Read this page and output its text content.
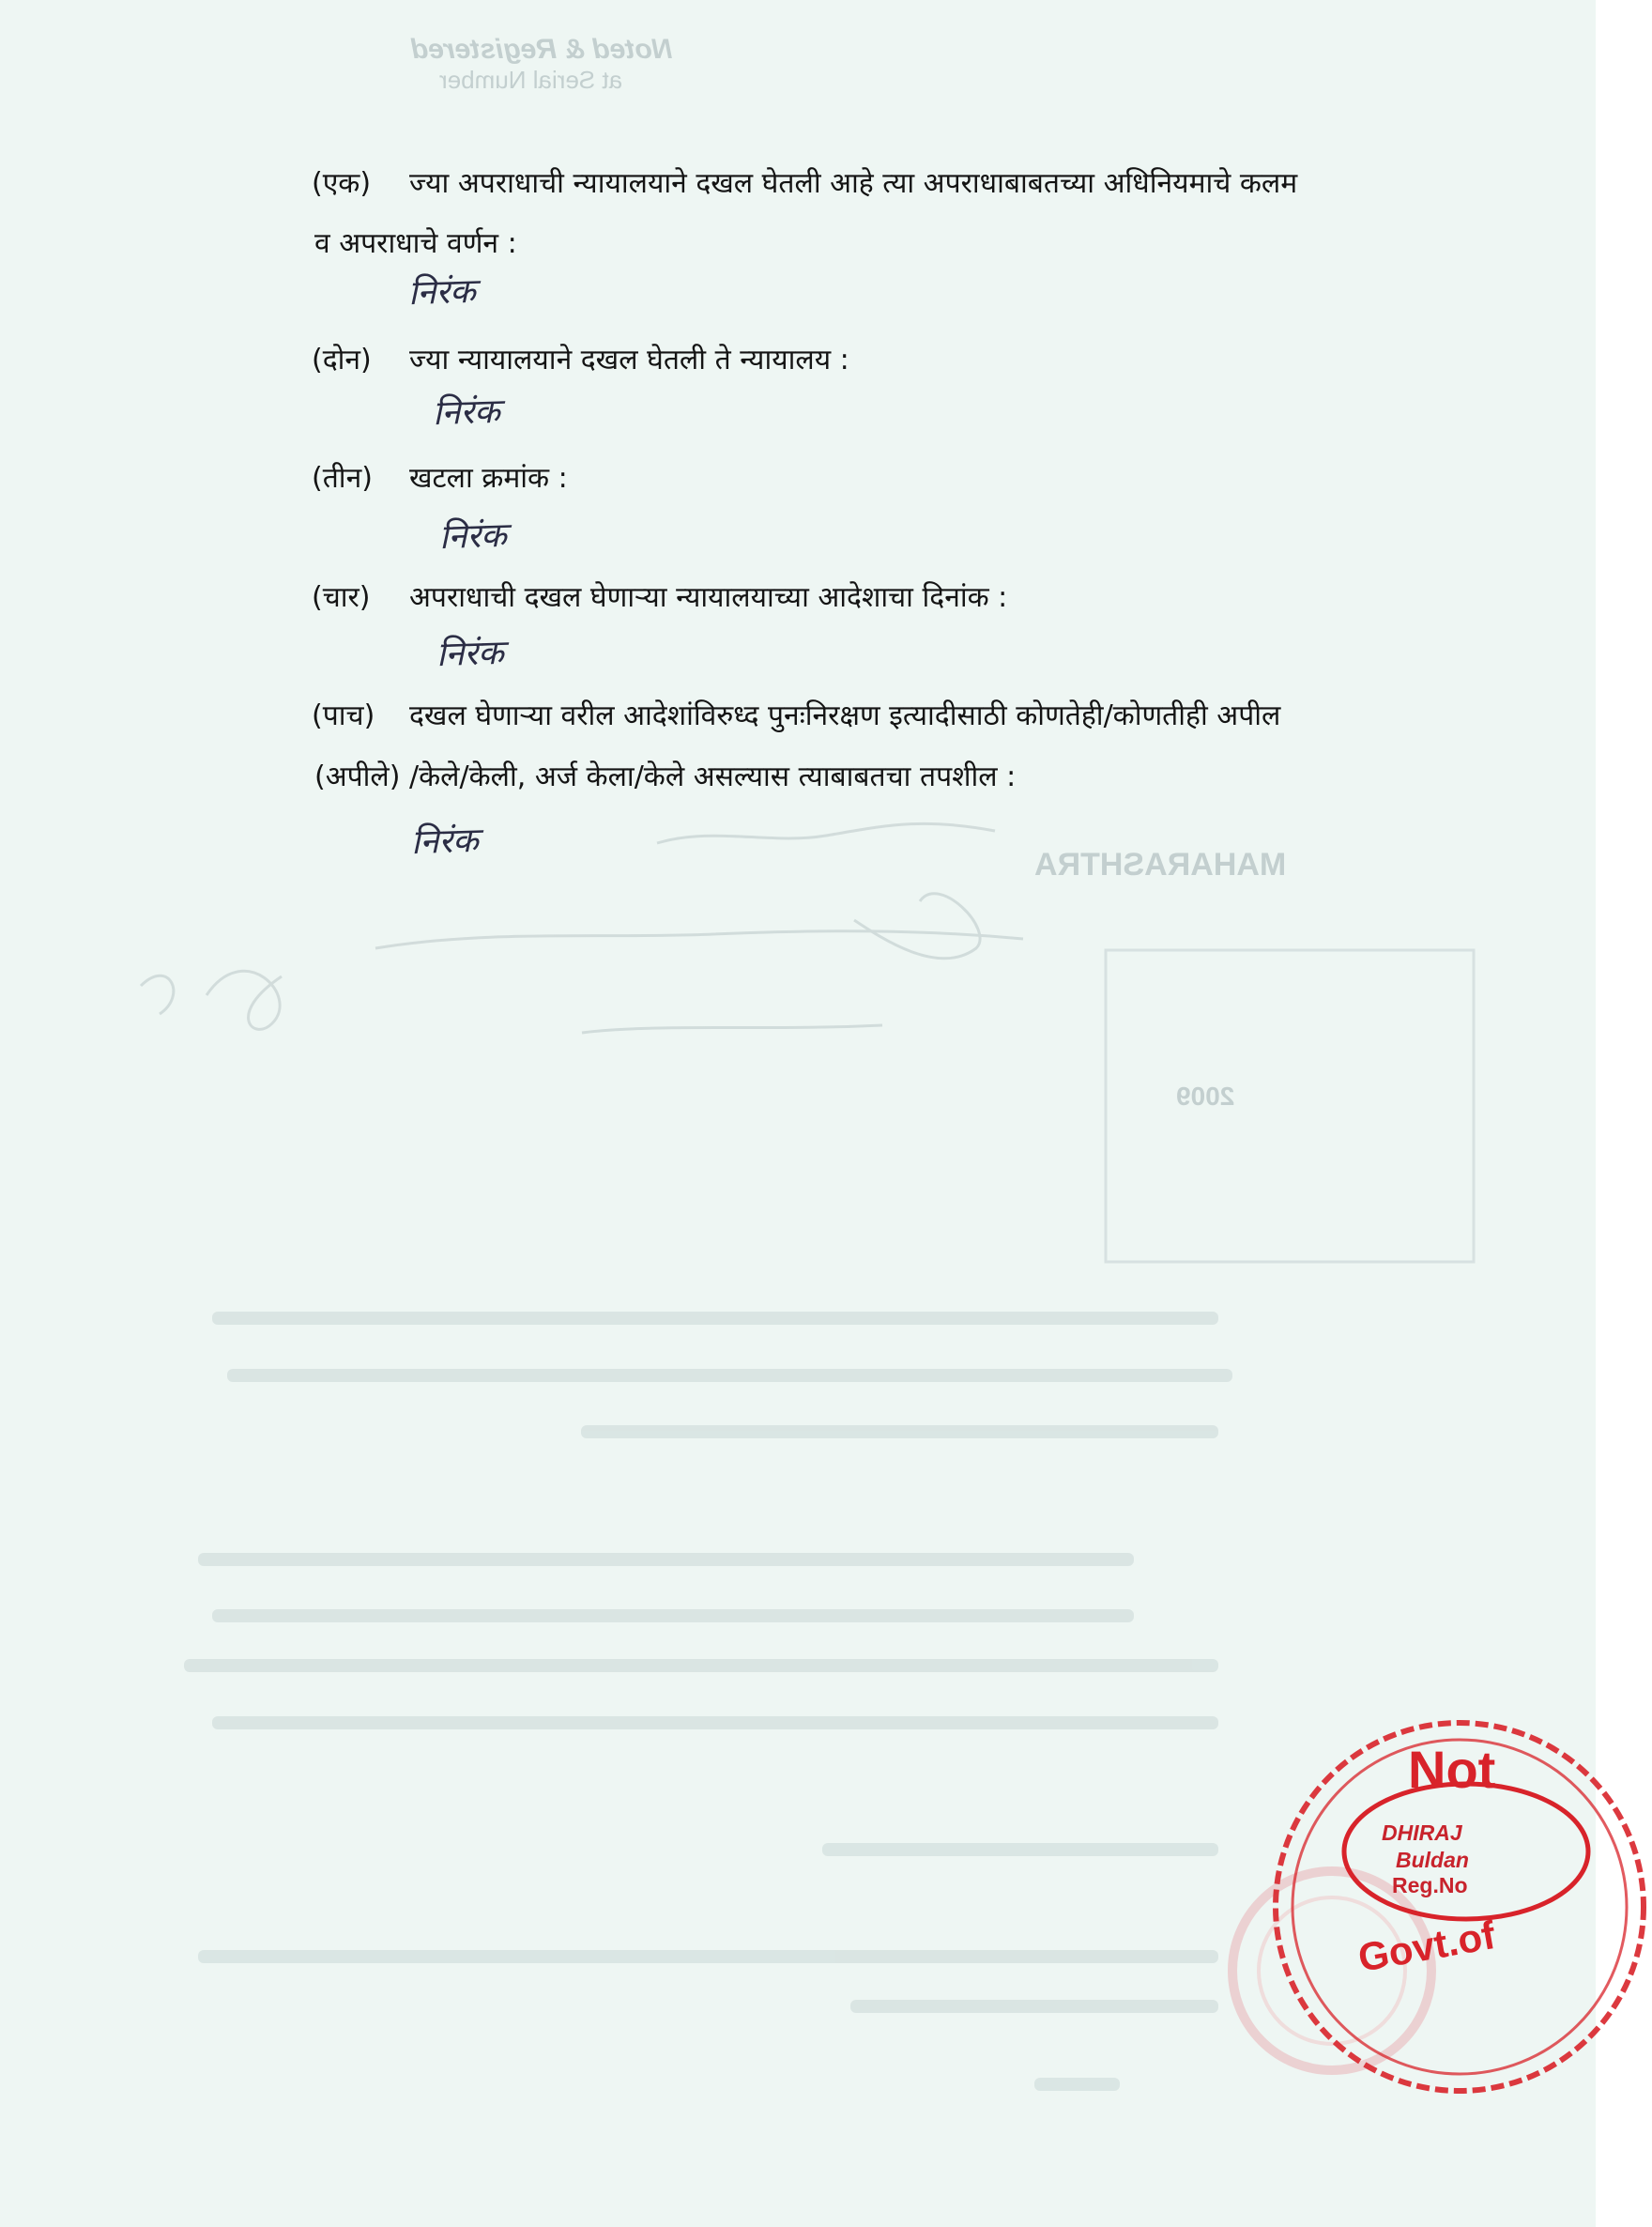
Noted & Registered
at Serial Number
MAHARASHTRA
2009
(एक) ज्या अपराधाची न्यायालयाने दखल घेतली आहे त्या अपराधाबाबतच्या अधिनियमाचे कलम
व अपराधाचे वर्णन :
निरंक
(दोन) ज्या न्यायालयाने दखल घेतली ते न्यायालय :
निरंक
(तीन) खटला क्रमांक :
निरंक
(चार) अपराधाची दखल घेणाऱ्या न्यायालयाच्या आदेशाचा दिनांक :
निरंक
(पाच) दखल घेणाऱ्या वरील आदेशांविरुध्द पुनःनिरक्षण इत्यादीसाठी कोणतेही/कोणतीही अपील
(अपीले) /केले/केली, अर्ज केला/केले असल्यास त्याबाबतचा तपशील :
निरंक
Not
DHIRAJ
Buldan
Reg.No
Govt.of
